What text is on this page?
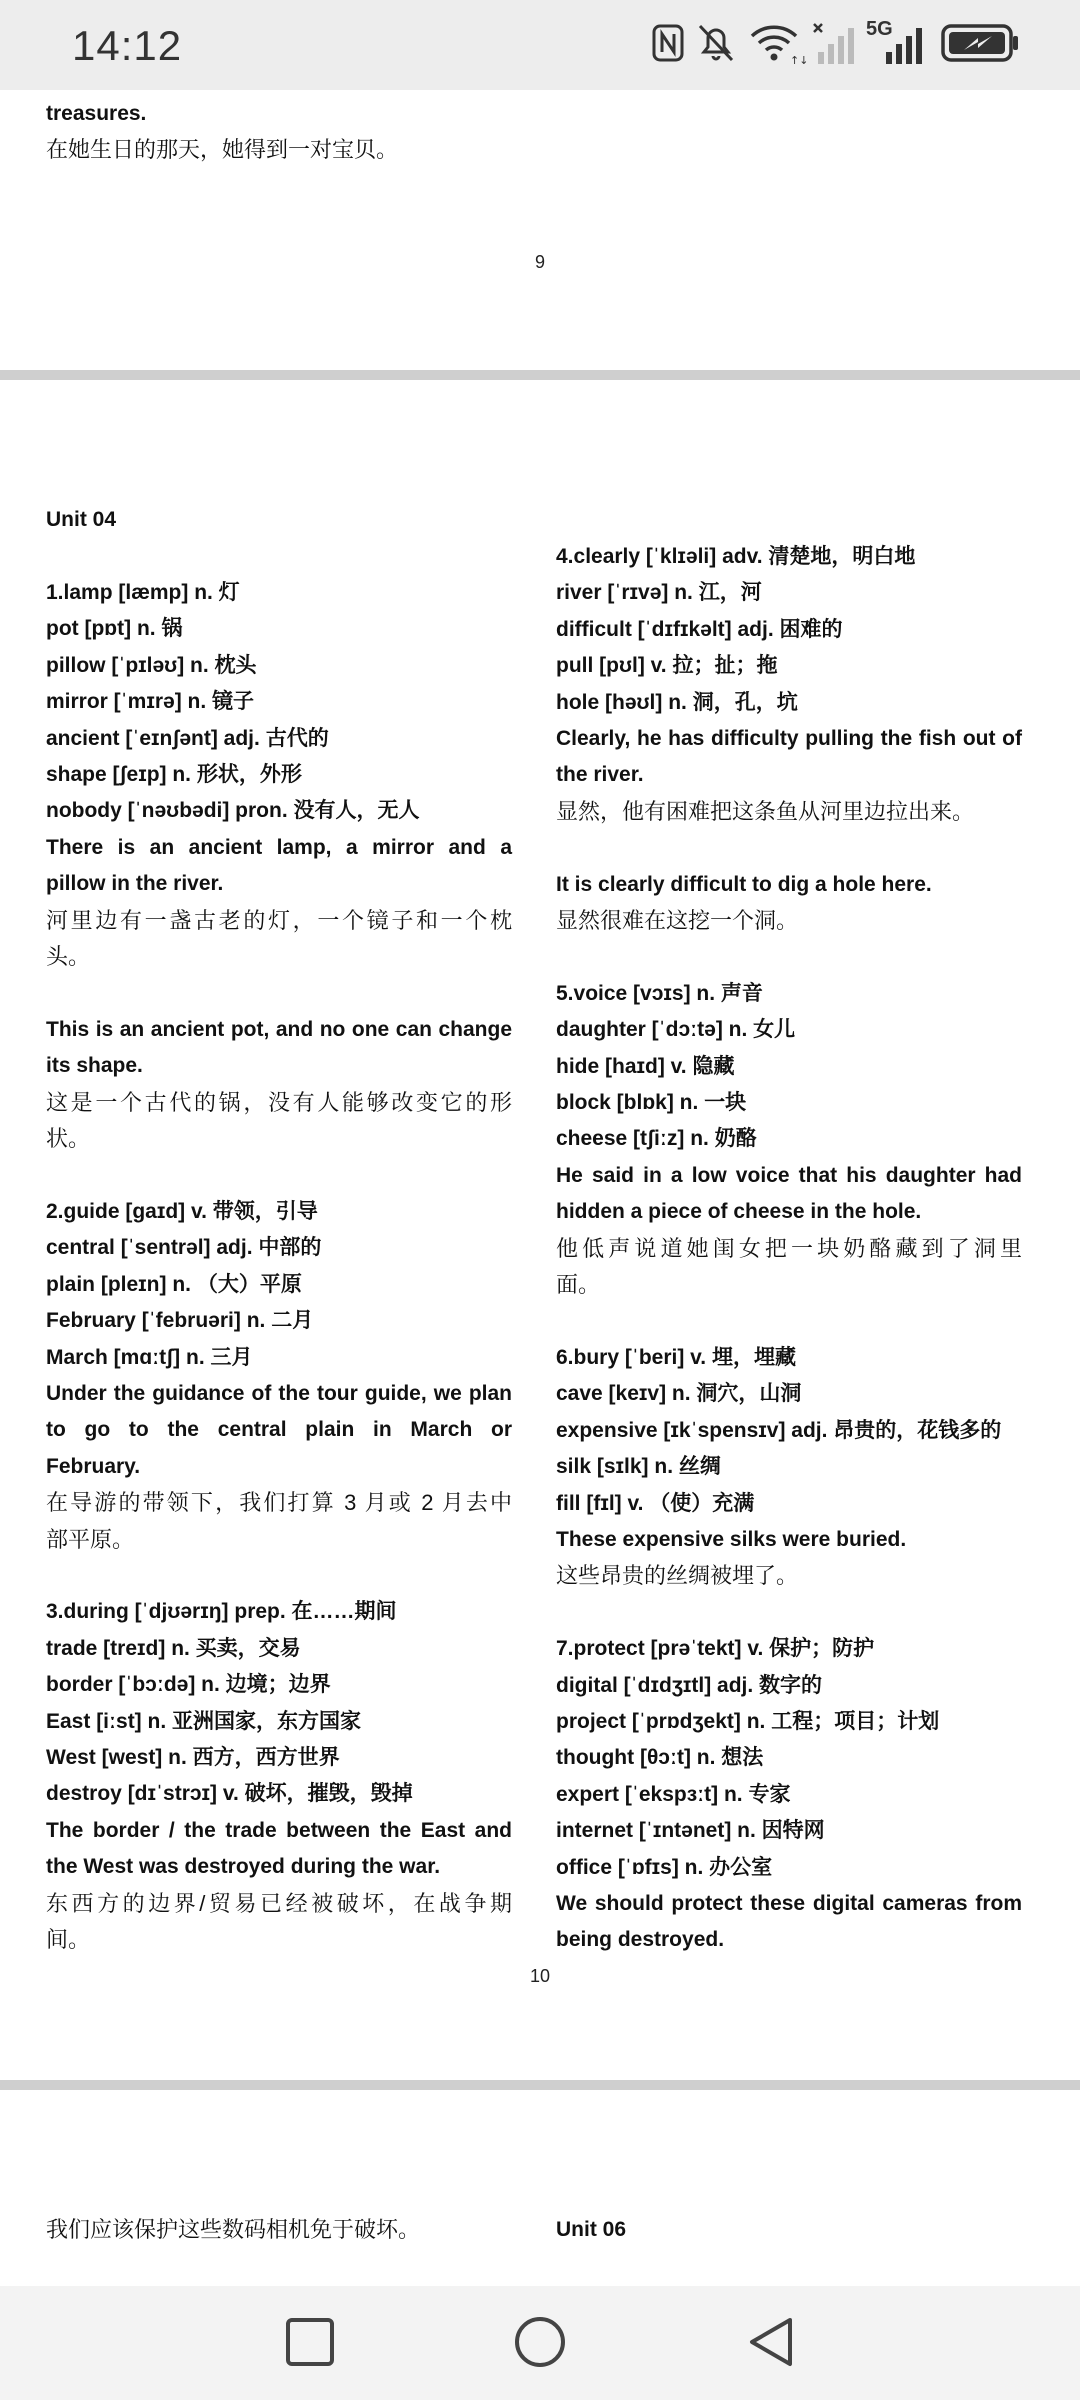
14:12	↑↓
5G
treasures.
在她生日的那天，她得到一对宝贝。
9
Unit 04
1.lamp [læmp] n. 灯
pot [pɒt] n. 锅
pillow [ˈpɪləʊ] n. 枕头
mirror [ˈmɪrə] n. 镜子
ancient [ˈeɪnʃənt] adj. 古代的
shape [ʃeɪp] n. 形状，外形
nobody [ˈnəʊbədi] pron. 没有人，无人
There is an ancient lamp, a mirror and a
pillow in the river.
河里边有一盏古老的灯，一个镜子和一个枕
头。
This is an ancient pot, and no one can change
its shape.
这是一个古代的锅，没有人能够改变它的形
状。
2.guide [ɡaɪd] v. 带领，引导
central [ˈsentrəl] adj. 中部的
plain [pleɪn] n. （大）平原
February [ˈfebruəri] n. 二月
March [mɑːtʃ] n. 三月
Under the guidance of the tour guide, we plan
to go to the central plain in March or
February.
在导游的带领下，我们打算 3 月或 2 月去中
部平原。
3.during [ˈdjʊərɪŋ] prep. 在……期间
trade [treɪd] n. 买卖，交易
border [ˈbɔːdə] n. 边境；边界
East [iːst] n. 亚洲国家，东方国家
West [west] n. 西方，西方世界
destroy [dɪˈstrɔɪ] v. 破坏，摧毁，毁掉
The border / the trade between the East and
the West was destroyed during the war.
东西方的边界/贸易已经被破坏，在战争期
间。
4.clearly [ˈklɪəli] adv. 清楚地，明白地
river [ˈrɪvə] n. 江，河
difficult [ˈdɪfɪkəlt] adj. 困难的
pull [pʊl] v. 拉；扯；拖
hole [həʊl] n. 洞，孔，坑
Clearly, he has difficulty pulling the fish out of
the river.
显然，他有困难把这条鱼从河里边拉出来。
It is clearly difficult to dig a hole here.
显然很难在这挖一个洞。
5.voice [vɔɪs] n. 声音
daughter [ˈdɔːtə] n. 女儿
hide [haɪd] v. 隐藏
block [blɒk] n. 一块
cheese [tʃiːz] n. 奶酪
He said in a low voice that his daughter had
hidden a piece of cheese in the hole.
他低声说道她闺女把一块奶酪藏到了洞里
面。
6.bury [ˈberi] v. 埋，埋藏
cave [keɪv] n. 洞穴，山洞
expensive [ɪkˈspensɪv] adj. 昂贵的，花钱多的
silk [sɪlk] n. 丝绸
fill [fɪl] v. （使）充满
These expensive silks were buried.
这些昂贵的丝绸被埋了。
7.protect [prəˈtekt] v. 保护；防护
digital [ˈdɪdʒɪtl] adj. 数字的
project [ˈprɒdʒekt] n. 工程；项目；计划
thought [θɔːt] n. 想法
expert [ˈekspɜːt] n. 专家
internet [ˈɪntənet] n. 因特网
office [ˈɒfɪs] n. 办公室
We should protect these digital cameras from
being destroyed.
10
我们应该保护这些数码相机免于破坏。	Unit 06
